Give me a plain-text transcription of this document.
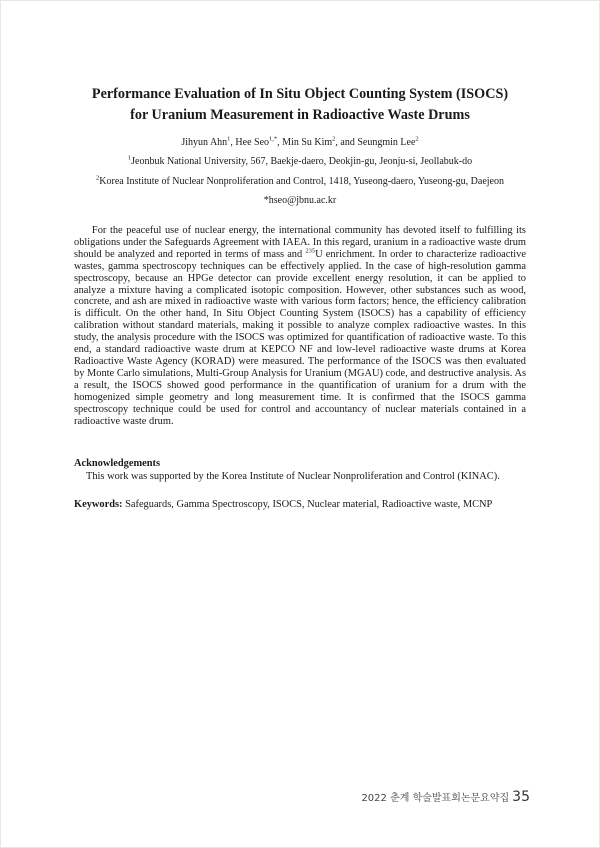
Performance Evaluation of In Situ Object Counting System (ISOCS)
for Uranium Measurement in Radioactive Waste Drums
Jihyun Ahn$^1$, Hee Seo$^{1,*}$, Min Su Kim$^2$, and Seungmin Lee$^2$
$^1$Jeonbuk National University, 567, Baekje-daero, Deokjin-gu, Jeonju-si, Jeollabuk-do
$^2$Korea Institute of Nuclear Nonproliferation and Control, 1418, Yuseong-daero, Yuseong-gu, Daejeon
*hseo@jbnu.ac.kr
For the peaceful use of nuclear energy, the international community has devoted itself to fulfilling its obligations under the Safeguards Agreement with IAEA. In this regard, uranium in a radioactive waste drum should be analyzed and reported in terms of mass and $^{235}$U enrichment. In order to characterize radioactive wastes, gamma spectroscopy techniques can be effectively applied. In the case of high-resolution gamma spectroscopy, because an HPGe detector can provide excellent energy resolution, it can be applied to analyze a mixture having a complicated isotopic composition. However, other substances such as wood, concrete, and ash are mixed in radioactive waste with various form factors; hence, the efficiency calibration is difficult. On the other hand, In Situ Object Counting System (ISOCS) has a capability of efficiency calibration without standard materials, making it possible to analyze complex radioactive wastes. In this study, the analysis procedure with the ISOCS was optimized for quantification of radioactive waste. To this end, a standard radioactive waste drum at KEPCO NF and low-level radioactive waste drums at Korea Radioactive Waste Agency (KORAD) were measured. The performance of the ISOCS was then evaluated by Monte Carlo simulations, Multi-Group Analysis for Uranium (MGAU) code, and destructive analysis. As a result, the ISOCS showed good performance in the quantification of uranium for a drum with the homogenized simple geometry and long measurement time. It is confirmed that the ISOCS gamma spectroscopy technique could be used for control and accountancy of nuclear materials contained in a radioactive waste drum.
Acknowledgements
This work was supported by the Korea Institute of Nuclear Nonproliferation and Control (KINAC).
Keywords: Safeguards, Gamma Spectroscopy, ISOCS, Nuclear material, Radioactive waste, MCNP
2022 춘계 학술발표회논문요약집 35
